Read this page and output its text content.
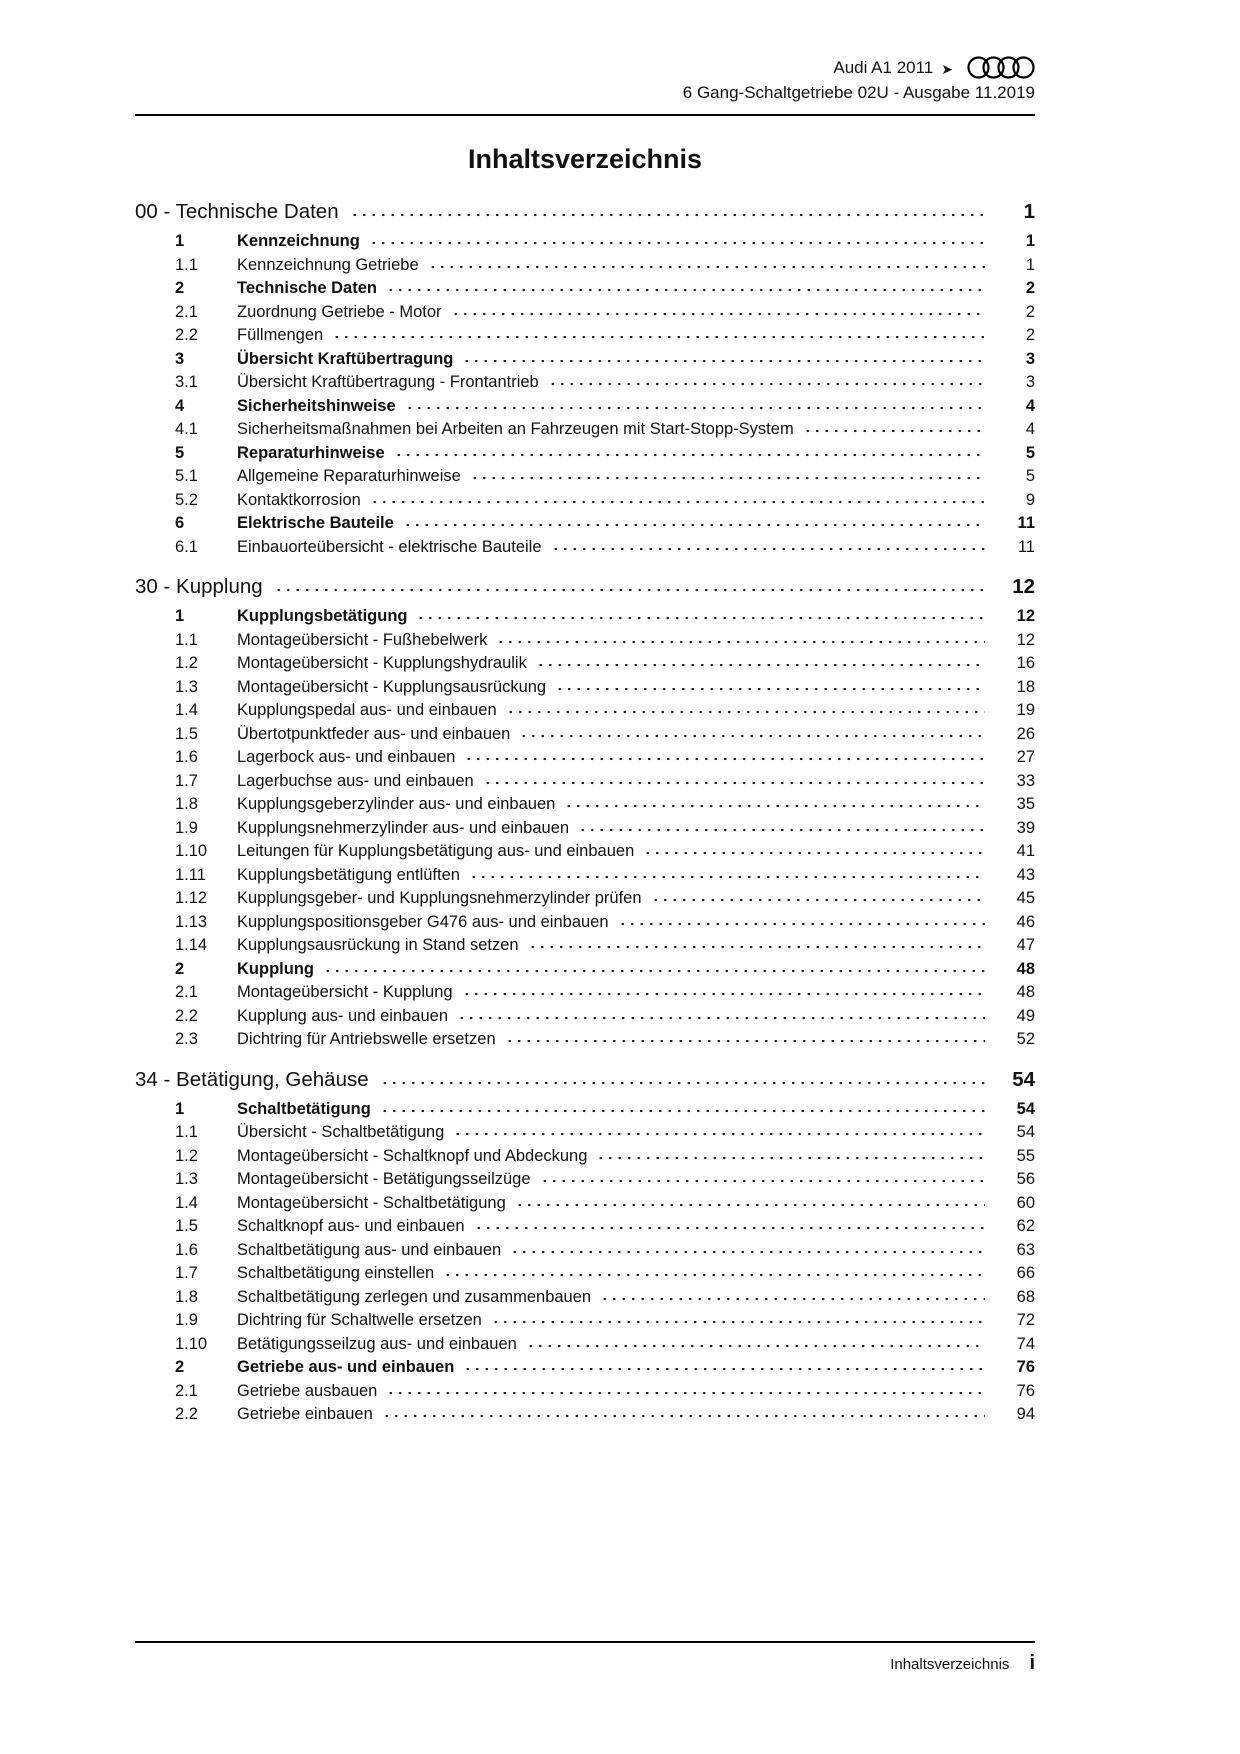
Audi A1 2011 ➤
6 Gang-Schaltgetriebe 02U - Ausgabe 11.2019
Inhaltsverzeichnis
00 - Technische Daten	1
1	Kennzeichnung	1
1.1	Kennzeichnung Getriebe	1
2	Technische Daten	2
2.1	Zuordnung Getriebe - Motor	2
2.2	Füllmengen	2
3	Übersicht Kraftübertragung	3
3.1	Übersicht Kraftübertragung - Frontantrieb	3
4	Sicherheitshinweise	4
4.1	Sicherheitsmaßnahmen bei Arbeiten an Fahrzeugen mit Start-Stopp-System	4
5	Reparaturhinweise	5
5.1	Allgemeine Reparaturhinweise	5
5.2	Kontaktkorrosion	9
6	Elektrische Bauteile	11
6.1	Einbauorteübersicht - elektrische Bauteile	11
30 - Kupplung	12
1	Kupplungsbetätigung	12
1.1	Montageübersicht - Fußhebelwerk	12
1.2	Montageübersicht - Kupplungshydraulik	16
1.3	Montageübersicht - Kupplungsausrückung	18
1.4	Kupplungspedal aus- und einbauen	19
1.5	Übertotpunktfeder aus- und einbauen	26
1.6	Lagerbock aus- und einbauen	27
1.7	Lagerbuchse aus- und einbauen	33
1.8	Kupplungsgeberzylinder aus- und einbauen	35
1.9	Kupplungsnehmerzylinder aus- und einbauen	39
1.10	Leitungen für Kupplungsbetätigung aus- und einbauen	41
1.11	Kupplungsbetätigung entlüften	43
1.12	Kupplungsgeber- und Kupplungsnehmerzylinder prüfen	45
1.13	Kupplungspositionsgeber G476 aus- und einbauen	46
1.14	Kupplungsausrückung in Stand setzen	47
2	Kupplung	48
2.1	Montageübersicht - Kupplung	48
2.2	Kupplung aus- und einbauen	49
2.3	Dichtring für Antriebswelle ersetzen	52
34 - Betätigung, Gehäuse	54
1	Schaltbetätigung	54
1.1	Übersicht - Schaltbetätigung	54
1.2	Montageübersicht - Schaltknopf und Abdeckung	55
1.3	Montageübersicht - Betätigungsseilzüge	56
1.4	Montageübersicht - Schaltbetätigung	60
1.5	Schaltknopf aus- und einbauen	62
1.6	Schaltbetätigung aus- und einbauen	63
1.7	Schaltbetätigung einstellen	66
1.8	Schaltbetätigung zerlegen und zusammenbauen	68
1.9	Dichtring für Schaltwelle ersetzen	72
1.10	Betätigungsseilzug aus- und einbauen	74
2	Getriebe aus- und einbauen	76
2.1	Getriebe ausbauen	76
2.2	Getriebe einbauen	94
Inhaltsverzeichnis i
